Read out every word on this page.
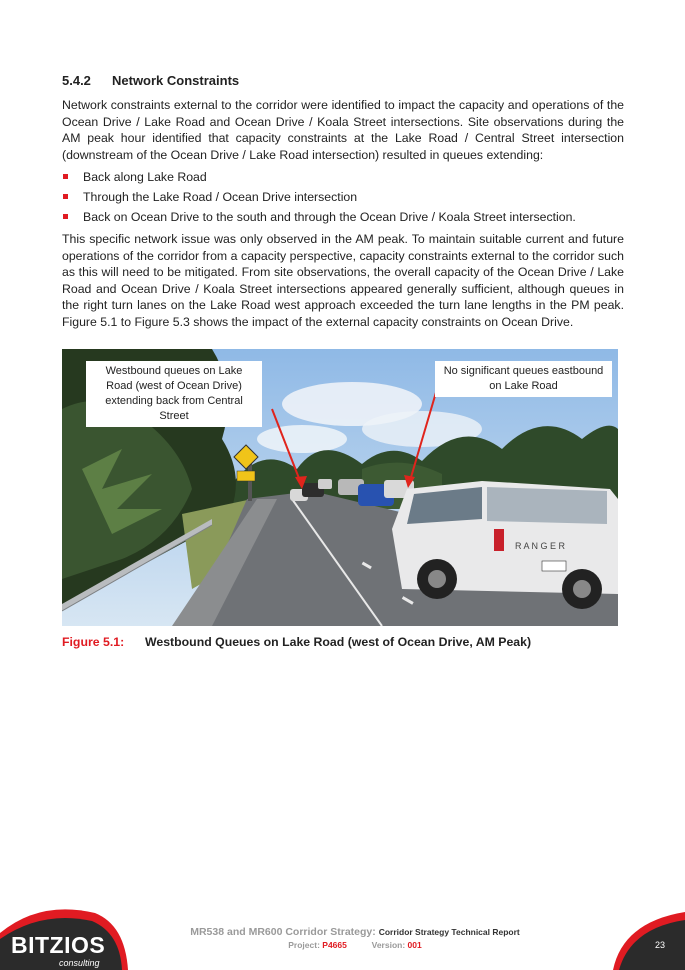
5.4.2 Network Constraints
Network constraints external to the corridor were identified to impact the capacity and operations of the Ocean Drive / Lake Road and Ocean Drive / Koala Street intersections. Site observations during the AM peak hour identified that capacity constraints at the Lake Road / Central Street intersection (downstream of the Ocean Drive / Lake Road intersection) resulted in queues extending:
Back along Lake Road
Through the Lake Road / Ocean Drive intersection
Back on Ocean Drive to the south and through the Ocean Drive / Koala Street intersection.
This specific network issue was only observed in the AM peak. To maintain suitable current and future operations of the corridor from a capacity perspective, capacity constraints external to the corridor such as this will need to be mitigated. From site observations, the overall capacity of the Ocean Drive / Lake Road and Ocean Drive / Koala Street intersections appeared generally sufficient, although queues in the right turn lanes on the Lake Road west approach exceeded the turn lane lengths in the PM peak. Figure 5.1 to Figure 5.3 shows the impact of the external capacity constraints on Ocean Drive.
R A N G E R
Westbound queues on Lake Road (west of Ocean Drive) extending back from Central Street
No significant queues eastbound on Lake Road
Figure 5.1: Westbound Queues on Lake Road (west of Ocean Drive, AM Peak)
BITZIOS
consulting
MR538 and MR600 Corridor Strategy: Corridor Strategy Technical Report
Project: P4665	Version: 001	23
